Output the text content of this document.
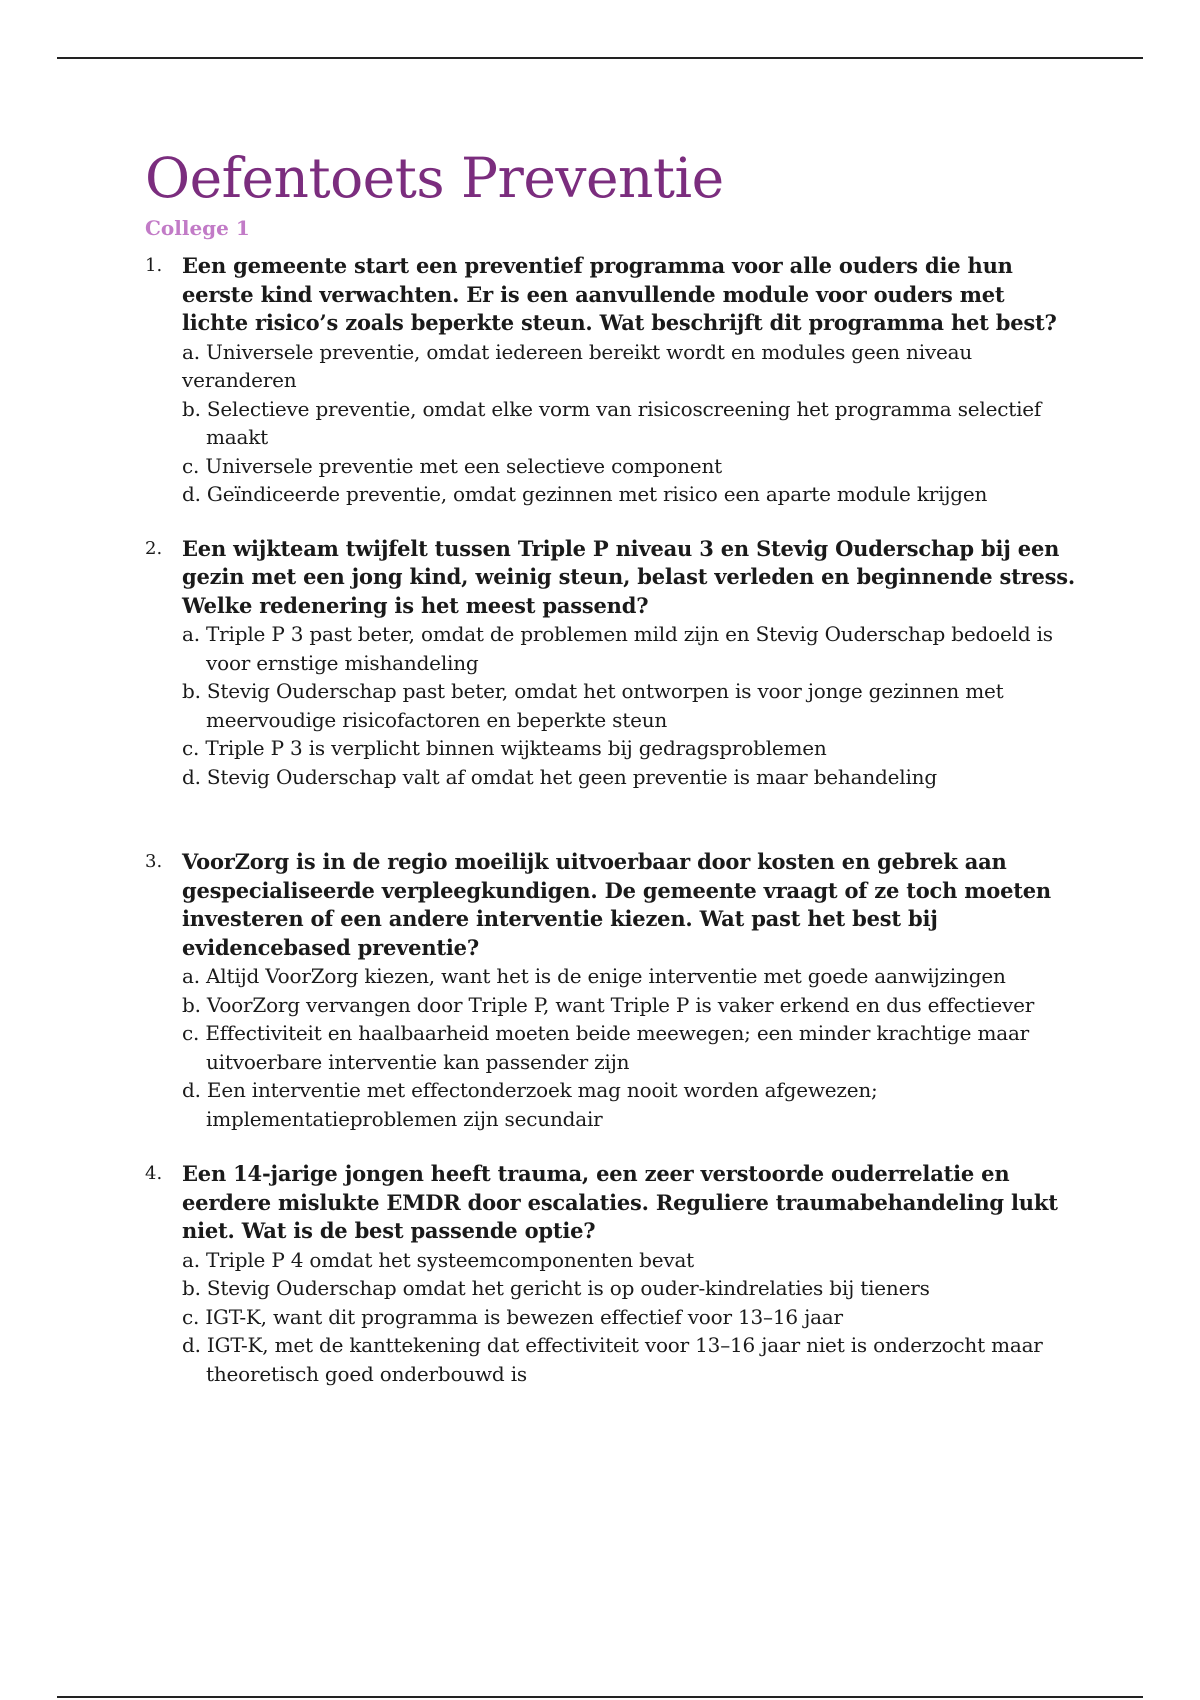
Oefentoets Preventie
College 1
1. Een gemeente start een preventief programma voor alle ouders die hun eerste kind verwachten. Er is een aanvullende module voor ouders met lichte risico’s zoals beperkte steun. Wat beschrijft dit programma het best?
a. Universele preventie, omdat iedereen bereikt wordt en modules geen niveau veranderen
b. Selectieve preventie, omdat elke vorm van risicoscreening het programma selectief maakt
c. Universele preventie met een selectieve component
d. Geïndiceerde preventie, omdat gezinnen met risico een aparte module krijgen
2. Een wijkteam twijfelt tussen Triple P niveau 3 en Stevig Ouderschap bij een gezin met een jong kind, weinig steun, belast verleden en beginnende stress. Welke redenering is het meest passend?
a. Triple P 3 past beter, omdat de problemen mild zijn en Stevig Ouderschap bedoeld is voor ernstige mishandeling
b. Stevig Ouderschap past beter, omdat het ontworpen is voor jonge gezinnen met meervoudige risicofactoren en beperkte steun
c. Triple P 3 is verplicht binnen wijkteams bij gedragsproblemen
d. Stevig Ouderschap valt af omdat het geen preventie is maar behandeling
3. VoorZorg is in de regio moeilijk uitvoerbaar door kosten en gebrek aan gespecialiseerde verpleegkundigen. De gemeente vraagt of ze toch moeten investeren of een andere interventie kiezen. Wat past het best bij evidencebased preventie?
a. Altijd VoorZorg kiezen, want het is de enige interventie met goede aanwijzingen
b. VoorZorg vervangen door Triple P, want Triple P is vaker erkend en dus effectiever
c. Effectiviteit en haalbaarheid moeten beide meewegen; een minder krachtige maar uitvoerbare interventie kan passender zijn
d. Een interventie met effectonderzoek mag nooit worden afgewezen; implementatieproblemen zijn secundair
4. Een 14-jarige jongen heeft trauma, een zeer verstoorde ouderrelatie en eerdere mislukte EMDR door escalaties. Reguliere traumabehandeling lukt niet. Wat is de best passende optie?
a. Triple P 4 omdat het systeemcomponenten bevat
b. Stevig Ouderschap omdat het gericht is op ouder-kindrelaties bij tieners
c. IGT-K, want dit programma is bewezen effectief voor 13–16 jaar
d. IGT-K, met de kanttekening dat effectiviteit voor 13–16 jaar niet is onderzocht maar theoretisch goed onderbouwd is
